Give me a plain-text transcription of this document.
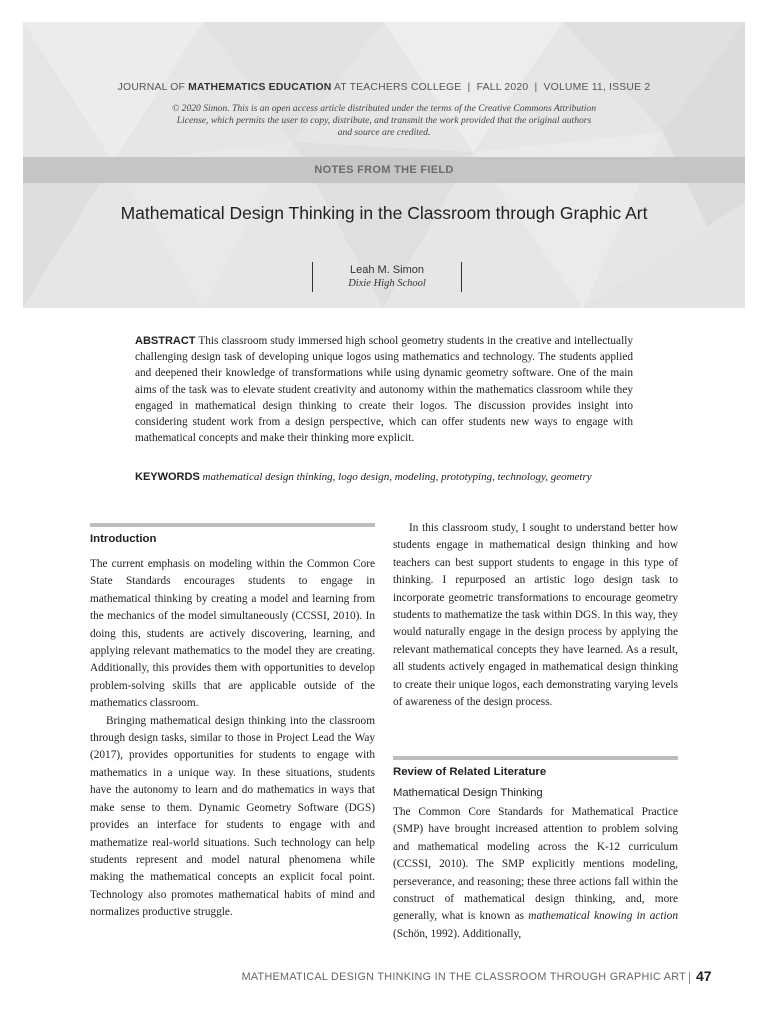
JOURNAL OF MATHEMATICS EDUCATION AT TEACHERS COLLEGE  |  FALL 2020  |  VOLUME 11, ISSUE 2
© 2020 Simon. This is an open access article distributed under the terms of the Creative Commons Attribution License, which permits the user to copy, distribute, and transmit the work provided that the original authors and source are credited.
NOTES FROM THE FIELD
Mathematical Design Thinking in the Classroom through Graphic Art
Leah M. Simon
Dixie High School
ABSTRACT This classroom study immersed high school geometry students in the creative and intellectually challenging design task of developing unique logos using mathematics and technology. The students applied and deepened their knowledge of transformations while using dynamic geometry software. One of the main aims of the task was to elevate student creativity and autonomy within the mathematics classroom while they engaged in mathematical design thinking to create their logos. The discussion provides insight into considering student work from a design perspective, which can offer students new ways to engage with mathematical concepts and make their thinking more explicit.
KEYWORDS mathematical design thinking, logo design, modeling, prototyping, technology, geometry
Introduction

The current emphasis on modeling within the Common Core State Standards encourages students to engage in mathematical thinking by creating a model and learning from the mechanics of the model simultaneously (CCSSI, 2010). In doing this, students are actively discovering, learning, and applying relevant mathematics to the model they are creating. Additionally, this provides them with opportunities to develop problem-solving skills that are applicable outside of the mathematics classroom.

Bringing mathematical design thinking into the classroom through design tasks, similar to those in Project Lead the Way (2017), provides opportunities for students to engage with mathematics in a unique way. In these situations, students have the autonomy to learn and do mathematics in ways that make sense to them. Dynamic Geometry Software (DGS) provides an interface for students to engage with and mathematize real-world situations. Such technology can help students represent and model natural phenomena while making the mathematical concepts an explicit focal point. Technology also promotes mathematical habits of mind and normalizes productive struggle.

In this classroom study, I sought to understand better how students engage in mathematical design thinking and how teachers can best support students to engage in this type of thinking. I repurposed an artistic logo design task to incorporate geometric transformations to encourage geometry students to mathematize the task within DGS. In this way, they would naturally engage in the design process by applying the relevant mathematical concepts they have learned. As a result, all students actively engaged in mathematical design thinking to create their unique logos, each demonstrating varying levels of awareness of the design process.

Review of Related Literature
Mathematical Design Thinking

The Common Core Standards for Mathematical Practice (SMP) have brought increased attention to problem solving and mathematical modeling across the K-12 curriculum (CCSSI, 2010). The SMP explicitly mentions modeling, perseverance, and reasoning; these three actions fall within the construct of mathematical design thinking, and, more generally, what is known as mathematical knowing in action (Schön, 1992). Additionally,

MATHEMATICAL DESIGN THINKING IN THE CLASSROOM THROUGH GRAPHIC ART 47
